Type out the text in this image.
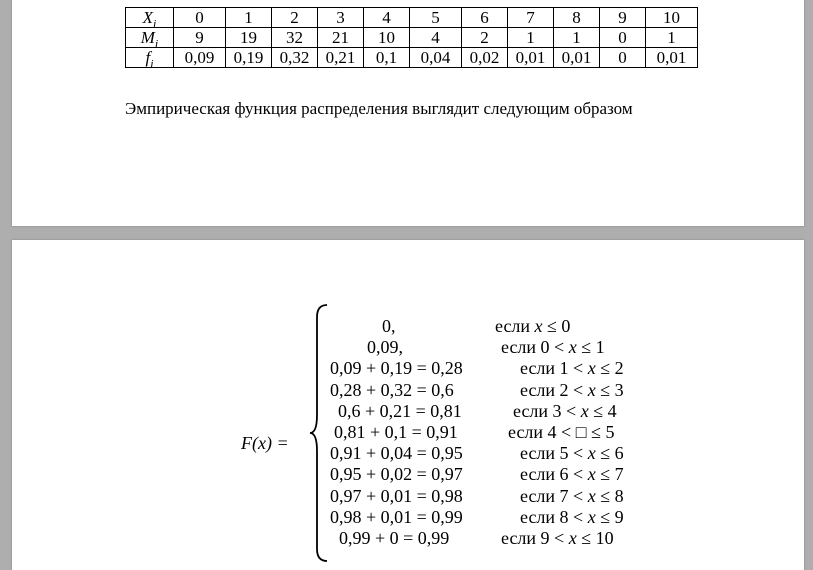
$X_i$	0	1	2	3	4	5	6	7	8	9	10
$M_i$	9	19	32	21	10	4	2	1	1	0	1
$f_i$	0,09	0,19	0,32	0,21	0,1	0,04	0,02	0,01	0,01	0	0,01
Эмпирическая функция распределения выглядит следующим образом
F(x) =
0,	если x ≤ 0
0,09,	если 0 < x ≤ 1
0,09 + 0,19 = 0,28	если 1 < x ≤ 2
0,28 + 0,32 = 0,6	если 2 < x ≤ 3
0,6 + 0,21 = 0,81	если 3 < x ≤ 4
0,81 + 0,1 = 0,91	если 4 < □ ≤ 5
0,91 + 0,04 = 0,95	если 5 < x ≤ 6
0,95 + 0,02 = 0,97	если 6 < x ≤ 7
0,97 + 0,01 = 0,98	если 7 < x ≤ 8
0,98 + 0,01 = 0,99	если 8 < x ≤ 9
0,99 + 0 = 0,99	если 9 < x ≤ 10
